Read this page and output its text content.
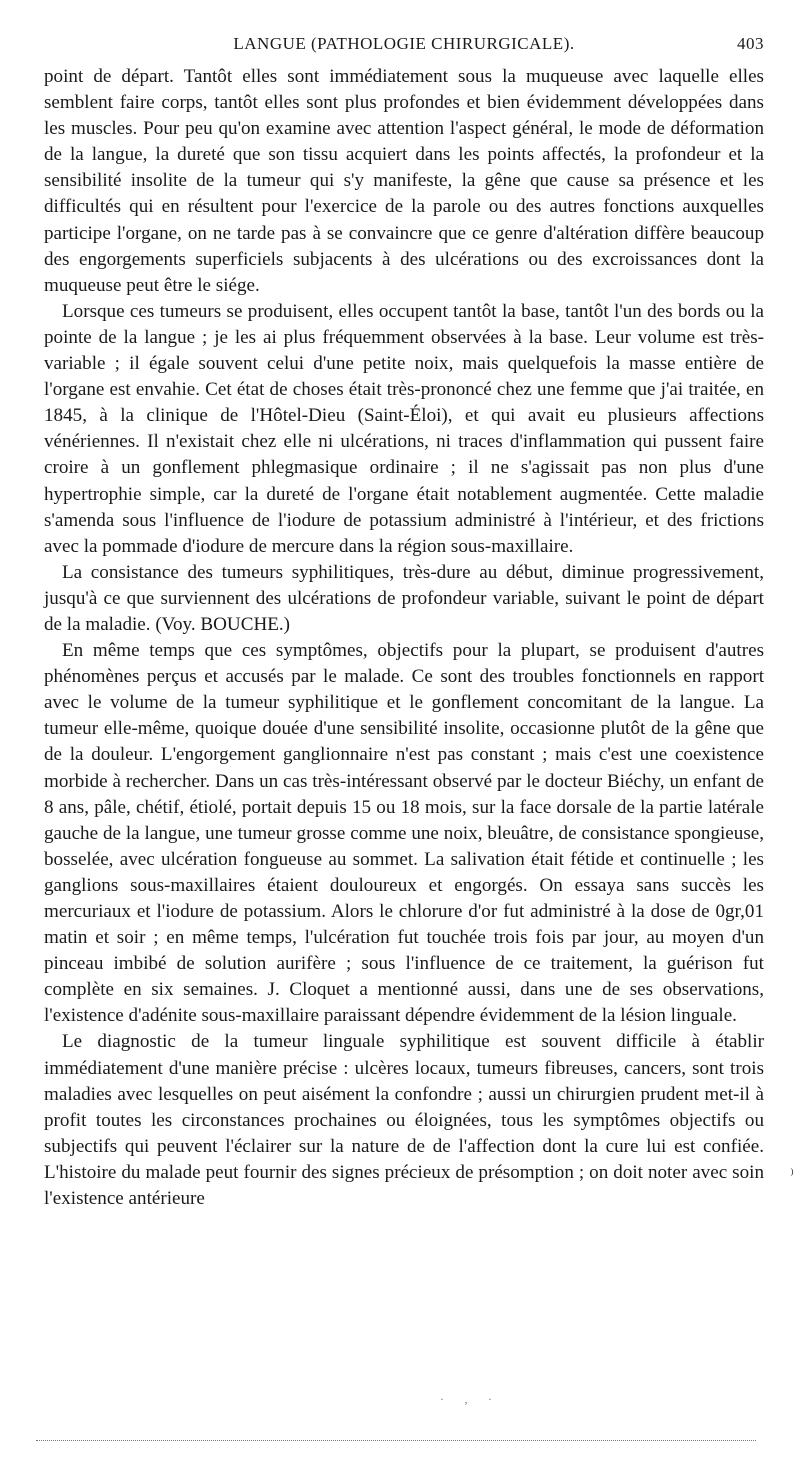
LANGUE (PATHOLOGIE CHIRURGICALE).	403

point de départ. Tantôt elles sont immédiatement sous la muqueuse avec laquelle elles semblent faire corps, tantôt elles sont plus profondes et bien évidemment développées dans les muscles. Pour peu qu'on examine avec attention l'aspect général, le mode de déformation de la langue, la dureté que son tissu acquiert dans les points affectés, la profondeur et la sensibilité insolite de la tumeur qui s'y manifeste, la gêne que cause sa présence et les difficultés qui en résultent pour l'exercice de la parole ou des autres fonctions auxquelles participe l'organe, on ne tarde pas à se convaincre que ce genre d'altération diffère beaucoup des engorgements superficiels subjacents à des ulcérations ou des excroissances dont la muqueuse peut être le siége.

Lorsque ces tumeurs se produisent, elles occupent tantôt la base, tantôt l'un des bords ou la pointe de la langue ; je les ai plus fréquemment observées à la base. Leur volume est très-variable ; il égale souvent celui d'une petite noix, mais quelquefois la masse entière de l'organe est envahie. Cet état de choses était très-prononcé chez une femme que j'ai traitée, en 1845, à la clinique de l'Hôtel-Dieu (Saint-Éloi), et qui avait eu plusieurs affections vénériennes. Il n'existait chez elle ni ulcérations, ni traces d'inflammation qui pussent faire croire à un gonflement phlegmasique ordinaire ; il ne s'agissait pas non plus d'une hypertrophie simple, car la dureté de l'organe était notablement augmentée. Cette maladie s'amenda sous l'influence de l'iodure de potassium administré à l'intérieur, et des frictions avec la pommade d'iodure de mercure dans la région sous-maxillaire.

La consistance des tumeurs syphilitiques, très-dure au début, diminue progressivement, jusqu'à ce que surviennent des ulcérations de profondeur variable, suivant le point de départ de la maladie. (Voy. BOUCHE.)

En même temps que ces symptômes, objectifs pour la plupart, se produisent d'autres phénomènes perçus et accusés par le malade. Ce sont des troubles fonctionnels en rapport avec le volume de la tumeur syphilitique et le gonflement concomitant de la langue. La tumeur elle-même, quoique douée d'une sensibilité insolite, occasionne plutôt de la gêne que de la douleur. L'engorgement ganglionnaire n'est pas constant ; mais c'est une coexistence morbide à rechercher. Dans un cas très-intéressant observé par le docteur Biéchy, un enfant de 8 ans, pâle, chétif, étiolé, portait depuis 15 ou 18 mois, sur la face dorsale de la partie latérale gauche de la langue, une tumeur grosse comme une noix, bleuâtre, de consistance spongieuse, bosselée, avec ulcération fongueuse au sommet. La salivation était fétide et continuelle ; les ganglions sous-maxillaires étaient douloureux et engorgés. On essaya sans succès les mercuriaux et l'iodure de potassium. Alors le chlorure d'or fut administré à la dose de 0gr,01 matin et soir ; en même temps, l'ulcération fut touchée trois fois par jour, au moyen d'un pinceau imbibé de solution aurifère ; sous l'influence de ce traitement, la guérison fut complète en six semaines. J. Cloquet a mentionné aussi, dans une de ses observations, l'existence d'adénite sous-maxillaire paraissant dépendre évidemment de la lésion linguale.

Le diagnostic de la tumeur linguale syphilitique est souvent difficile à établir immédiatement d'une manière précise : ulcères locaux, tumeurs fibreuses, cancers, sont trois maladies avec lesquelles on peut aisément la confondre ; aussi un chirurgien prudent met-il à profit toutes les circonstances prochaines ou éloignées, tous les symptômes objectifs ou subjectifs qui peuvent l'éclairer sur la nature de de l'affection dont la cure lui est confiée. L'histoire du malade peut fournir des signes précieux de présomption ; on doit noter avec soin l'existence antérieure

⁾
·‚·
